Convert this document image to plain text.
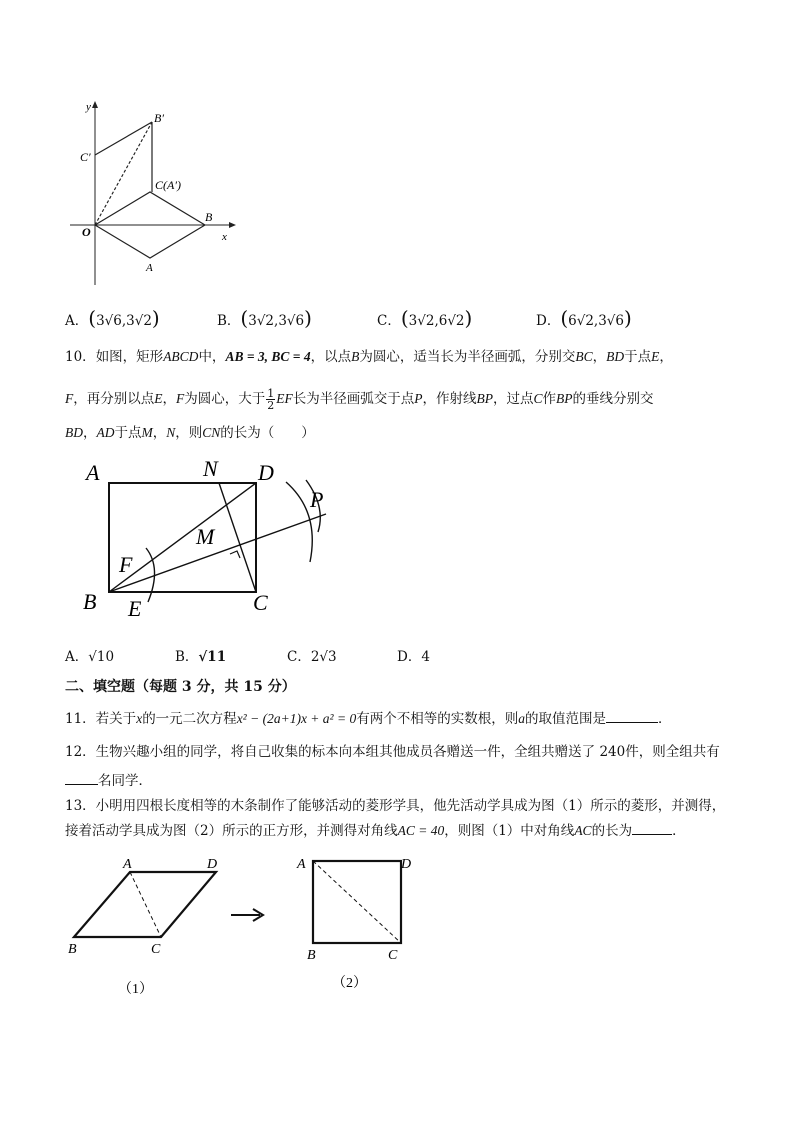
y
x
O
A
B
C(A′)
B′
C′
A．(3√6,3√2)	B．(3√2,3√6)	C．(3√2,6√2)	D．(6√2,3√6)
10．如图，矩形ABCD中，AB = 3, BC = 4，以点B为圆心，适当长为半径画弧，分别交BC，BD于点E，
F，再分别以点E，F为圆心，大于 $\frac{1}{2}$ EF长为半径画弧交于点P，作射线BP，过点C作BP的垂线分别交
BD，AD于点M，N，则CN的长为（　　）
A	D
N
P
M
F
B E	C
A．√10	B．√11	C．2√3	D．4
二、填空题（每题 3 分，共 15 分）
11．若关于x的一元二次方程x² − (2a+1)x + a² = 0有两个不相等的实数根，则a的取值范围是	．
12．生物兴趣小组的同学，将自己收集的标本向本组其他成员各赠送一件，全组共赠送了 240件，则全组共有
名同学．
13．小明用四根长度相等的木条制作了能够活动的菱形学具，他先活动学具成为图（1）所示的菱形，并测得，
接着活动学具成为图（2）所示的正方形，并测得对角线AC = 40，则图（1）中对角线AC的长为	．
A	D
B	C
（1）
A	D
B	C
（2）
